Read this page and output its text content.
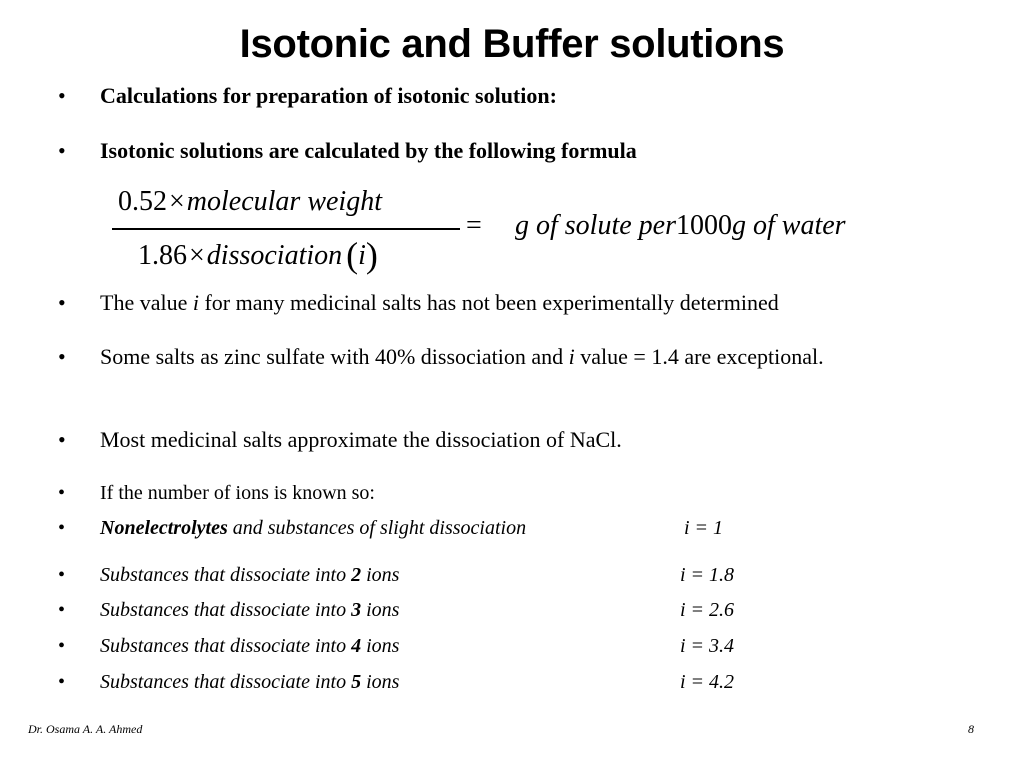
Isotonic and Buffer solutions
• Calculations for preparation of isotonic solution:
• Isotonic solutions are calculated by the following formula
0.52×molecular weight
1.86×dissociation (i)
= g of solute per1000g of water
• The value i for many medicinal salts has not been experimentally determined
• Some salts as zinc sulfate with 40% dissociation and i value = 1.4 are exceptional.
• Most medicinal salts approximate the dissociation of NaCl.
• If the number of ions is known so:
• Nonelectrolytes and substances of slight dissociation	i = 1
• Substances that dissociate into 2 ions	i = 1.8
• Substances that dissociate into 3 ions	i = 2.6
• Substances that dissociate into 4 ions	i = 3.4
• Substances that dissociate into 5 ions	i = 4.2
Dr. Osama A. A. Ahmed	8
